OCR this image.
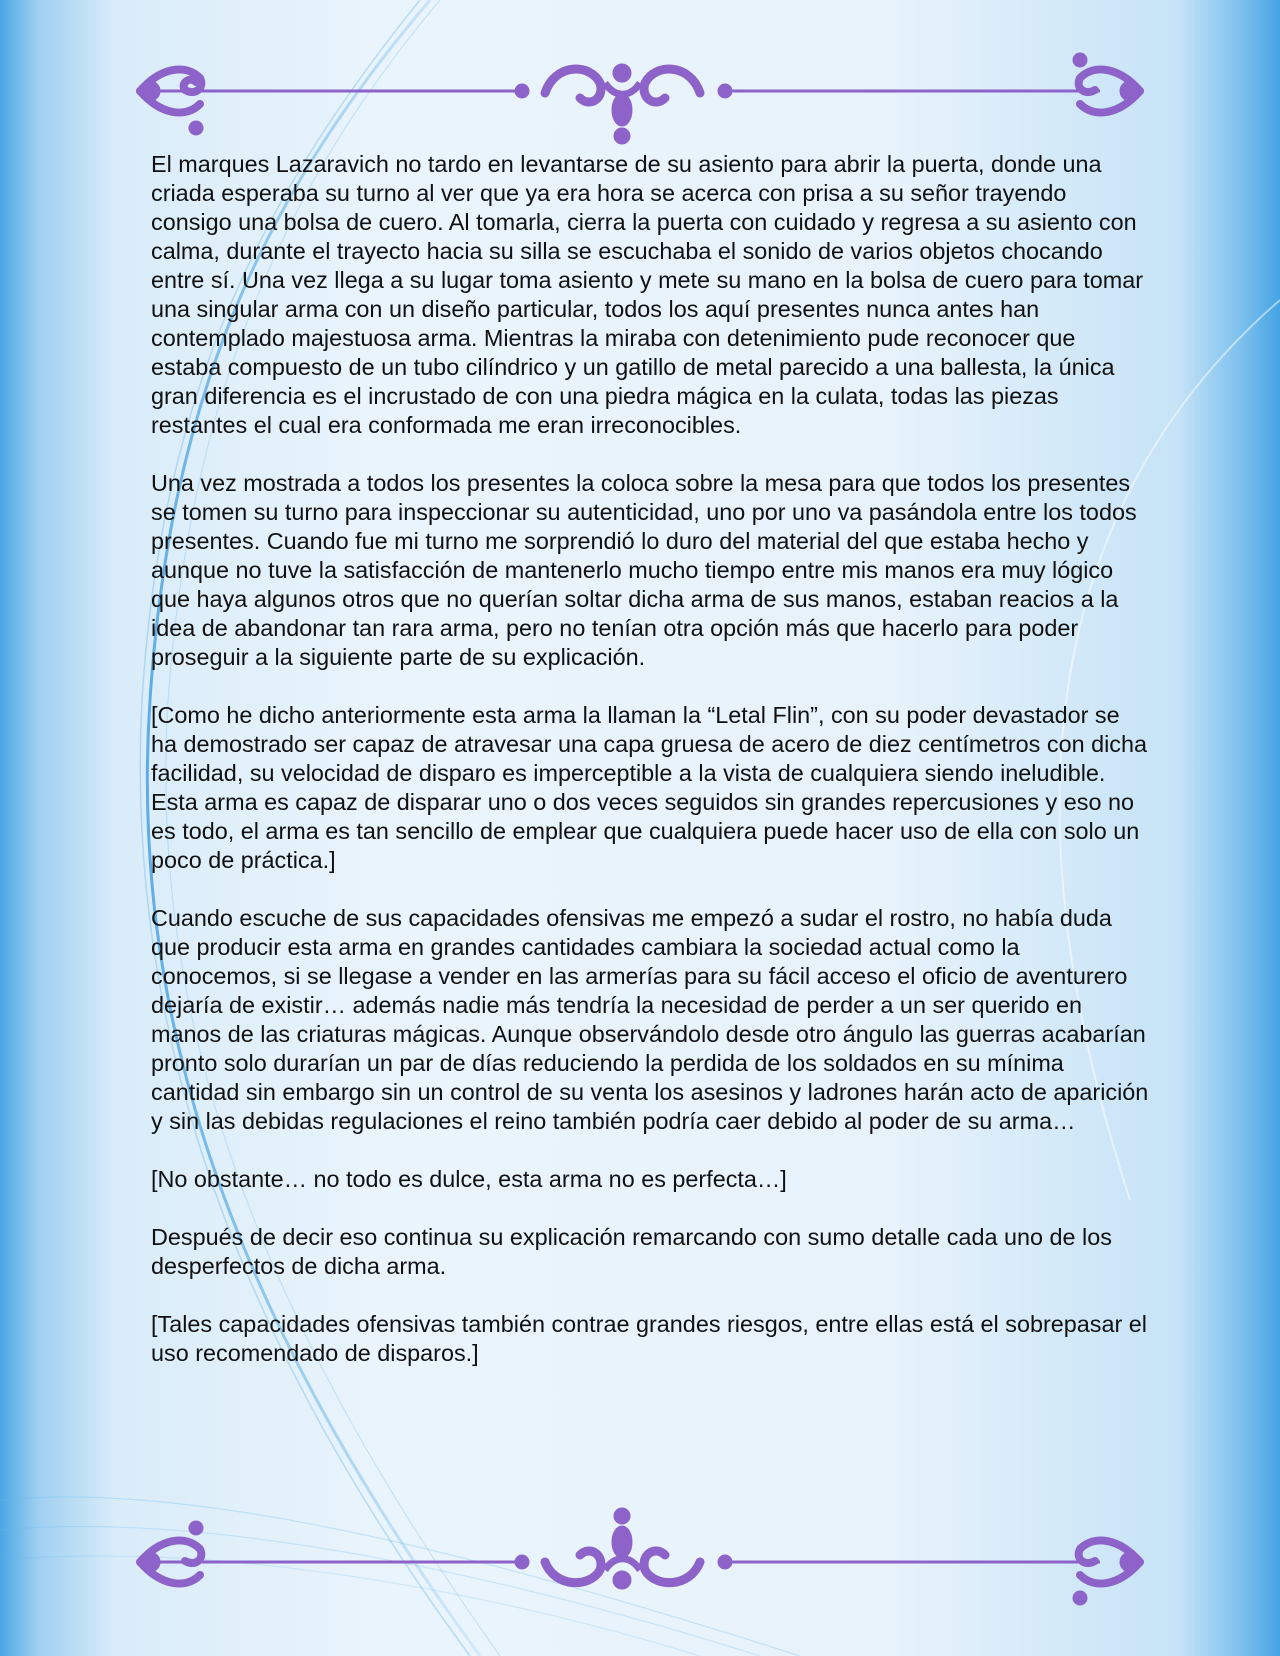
El marques Lazaravich no tardo en levantarse de su asiento para abrir la puerta, donde una criada esperaba su turno al ver que ya era hora se acerca con prisa a su señor trayendo consigo una bolsa de cuero. Al tomarla, cierra la puerta con cuidado y regresa a su asiento con calma, durante el trayecto hacia su silla se escuchaba el sonido de varios objetos chocando entre sí. Una vez llega a su lugar toma asiento y mete su mano en la bolsa de cuero para tomar una singular arma con un diseño particular, todos los aquí presentes nunca antes han contemplado majestuosa arma. Mientras la miraba con detenimiento pude reconocer que estaba compuesto de un tubo cilíndrico y un gatillo de metal parecido a una ballesta, la única gran diferencia es el incrustado de con una piedra mágica en la culata, todas las piezas restantes el cual era conformada me eran irreconocibles.

Una vez mostrada a todos los presentes la coloca sobre la mesa para que todos los presentes se tomen su turno para inspeccionar su autenticidad, uno por uno va pasándola entre los todos presentes. Cuando fue mi turno me sorprendió lo duro del material del que estaba hecho y aunque no tuve la satisfacción de mantenerlo mucho tiempo entre mis manos era muy lógico que haya algunos otros que no querían soltar dicha arma de sus manos, estaban reacios a la idea de abandonar tan rara arma, pero no tenían otra opción más que hacerlo para poder proseguir a la siguiente parte de su explicación.

[Como he dicho anteriormente esta arma la llaman la “Letal Flin”, con su poder devastador se ha demostrado ser capaz de atravesar una capa gruesa de acero de diez centímetros con dicha facilidad, su velocidad de disparo es imperceptible a la vista de cualquiera siendo ineludible. Esta arma es capaz de disparar uno o dos veces seguidos sin grandes repercusiones y eso no es todo, el arma es tan sencillo de emplear que cualquiera puede hacer uso de ella con solo un poco de práctica.]

Cuando escuche de sus capacidades ofensivas me empezó a sudar el rostro, no había duda que producir esta arma en grandes cantidades cambiara la sociedad actual como la conocemos, si se llegase a vender en las armerías para su fácil acceso el oficio de aventurero dejaría de existir… además nadie más tendría la necesidad de perder a un ser querido en manos de las criaturas mágicas. Aunque observándolo desde otro ángulo las guerras acabarían pronto solo durarían un par de días reduciendo la perdida de los soldados en su mínima cantidad sin embargo sin un control de su venta los asesinos y ladrones harán acto de aparición y sin las debidas regulaciones el reino también podría caer debido al poder de su arma…

[No obstante… no todo es dulce, esta arma no es perfecta…]

Después de decir eso continua su explicación remarcando con sumo detalle cada uno de los desperfectos de dicha arma.

[Tales capacidades ofensivas también contrae grandes riesgos, entre ellas está el sobrepasar el uso recomendado de disparos.]
